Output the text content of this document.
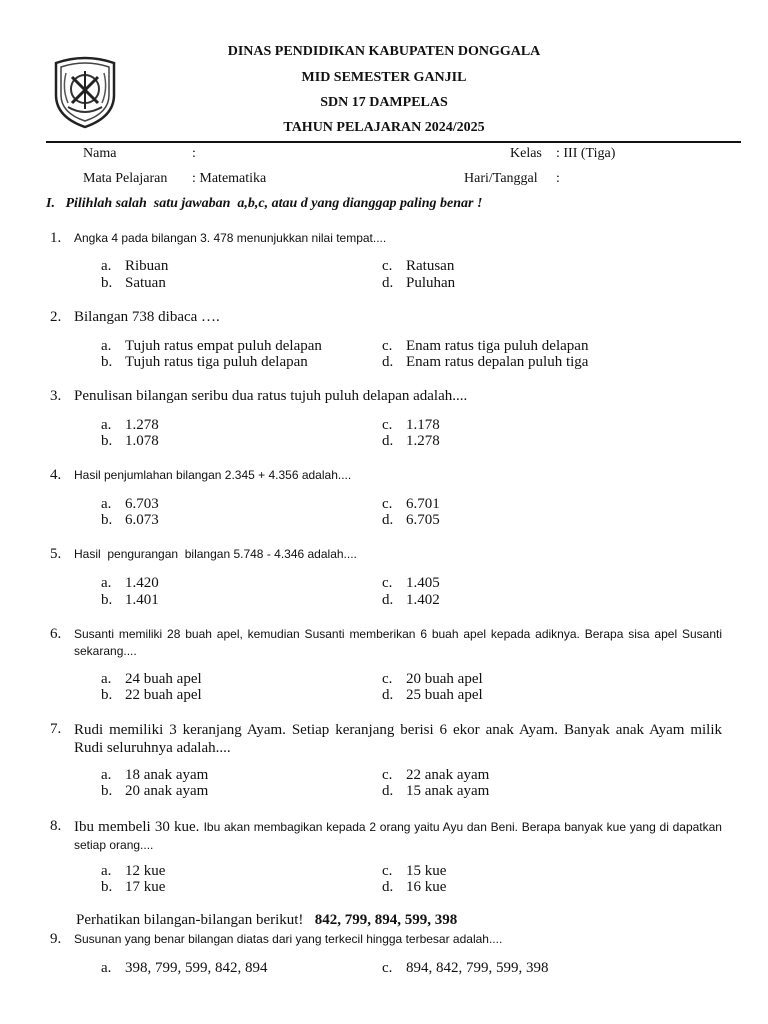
DINAS PENDIDIKAN KABUPATEN DONGGALA
MID SEMESTER GANJIL
SDN 17 DAMPELAS
TAHUN PELAJARAN 2024/2025
Nama	:	Kelas : III (Tiga)
Mata Pelajaran : Matematika	Hari/Tanggal :
I.   Pilihlah salah  satu jawaban  a,b,c, atau d yang dianggap paling benar !
1.	Angka 4 pada bilangan 3. 478 menunjukkan nilai tempat....
a. Ribuan
b. Satuan
c. Ratusan
d. Puluhan
2. Bilangan 738 dibaca ….
a. Tujuh ratus empat puluh delapan
b. Tujuh ratus tiga puluh delapan
c. Enam ratus tiga puluh delapan
d. Enam ratus depalan puluh tiga
3. Penulisan bilangan seribu dua ratus tujuh puluh delapan adalah....
a. 1.278
b. 1.078
c. 1.178
d. 1.278
4.	Hasil penjumlahan bilangan 2.345 + 4.356 adalah....
a. 6.703
b. 6.073
c. 6.701
d. 6.705
5.	Hasil  pengurangan  bilangan 5.748 - 4.346 adalah....
a. 1.420
b. 1.401
c. 1.405
d. 1.402
6.	Susanti memiliki 28 buah apel, kemudian Susanti memberikan 6 buah apel kepada adiknya. Berapa sisa apel Susanti sekarang....
a. 24 buah apel
b. 22 buah apel
c. 20 buah apel
d. 25 buah apel
7. Rudi memiliki 3 keranjang Ayam. Setiap keranjang berisi 6 ekor anak Ayam. Banyak anak Ayam milik Rudi seluruhnya adalah....
a. 18 anak ayam
b. 20 anak ayam
c. 22 anak ayam
d. 15 anak ayam
8. Ibu membeli 30 kue. Ibu akan membagikan kepada 2 orang yaitu Ayu dan Beni. Berapa banyak kue yang di dapatkan setiap orang....
a. 12 kue
b. 17 kue
c. 15 kue
d. 16 kue
Perhatikan bilangan-bilangan berikut! 842, 799, 894, 599, 398
9.	Susunan yang benar bilangan diatas dari yang terkecil hingga terbesar adalah....
a. 398, 799, 599, 842, 894	c. 894, 842, 799, 599, 398
